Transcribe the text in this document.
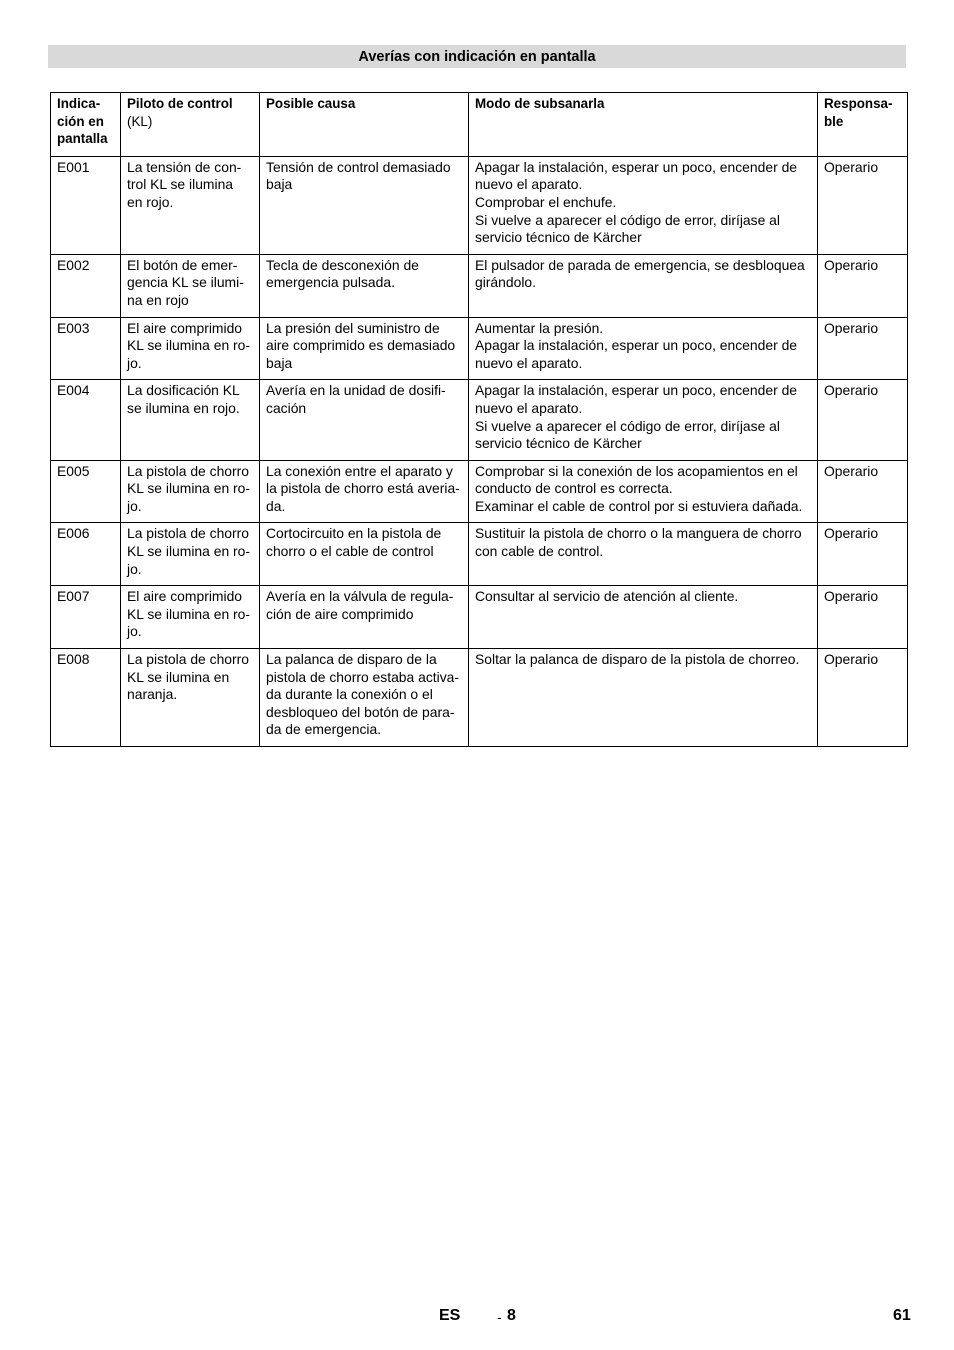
Averías con indicación en pantalla
Indica-
ción en
pantalla	Piloto de control
(KL)	Posible causa	Modo de subsanarla	Responsa-
ble
E001	La tensión de con-
trol KL se ilumina
en rojo.	Tensión de control demasiado
baja	Apagar la instalación, esperar un poco, encender de
nuevo el aparato.
Comprobar el enchufe.
Si vuelve a aparecer el código de error, diríjase al
servicio técnico de Kärcher	Operario
E002	El botón de emer-
gencia KL se ilumi-
na en rojo	Tecla de desconexión de
emergencia pulsada.	El pulsador de parada de emergencia, se desbloquea
girándolo.	Operario
E003	El aire comprimido
KL se ilumina en ro-
jo.	La presión del suministro de
aire comprimido es demasiado
baja	Aumentar la presión.
Apagar la instalación, esperar un poco, encender de
nuevo el aparato.	Operario
E004	La dosificación KL
se ilumina en rojo.	Avería en la unidad de dosifi-
cación	Apagar la instalación, esperar un poco, encender de
nuevo el aparato.
Si vuelve a aparecer el código de error, diríjase al
servicio técnico de Kärcher	Operario
E005	La pistola de chorro
KL se ilumina en ro-
jo.	La conexión entre el aparato y
la pistola de chorro está averia-
da.	Comprobar si la conexión de los acopamientos en el
conducto de control es correcta.
Examinar el cable de control por si estuviera dañada.	Operario
E006	La pistola de chorro
KL se ilumina en ro-
jo.	Cortocircuito en la pistola de
chorro o el cable de control	Sustituir la pistola de chorro o la manguera de chorro
con cable de control.	Operario
E007	El aire comprimido
KL se ilumina en ro-
jo.	Avería en la válvula de regula-
ción de aire comprimido	Consultar al servicio de atención al cliente.	Operario
E008	La pistola de chorro
KL se ilumina en
naranja.	La palanca de disparo de la
pistola de chorro estaba activa-
da durante la conexión o el
desbloqueo del botón de para-
da de emergencia.	Soltar la palanca de disparo de la pistola de chorreo.	Operario
ES	- 8	61
